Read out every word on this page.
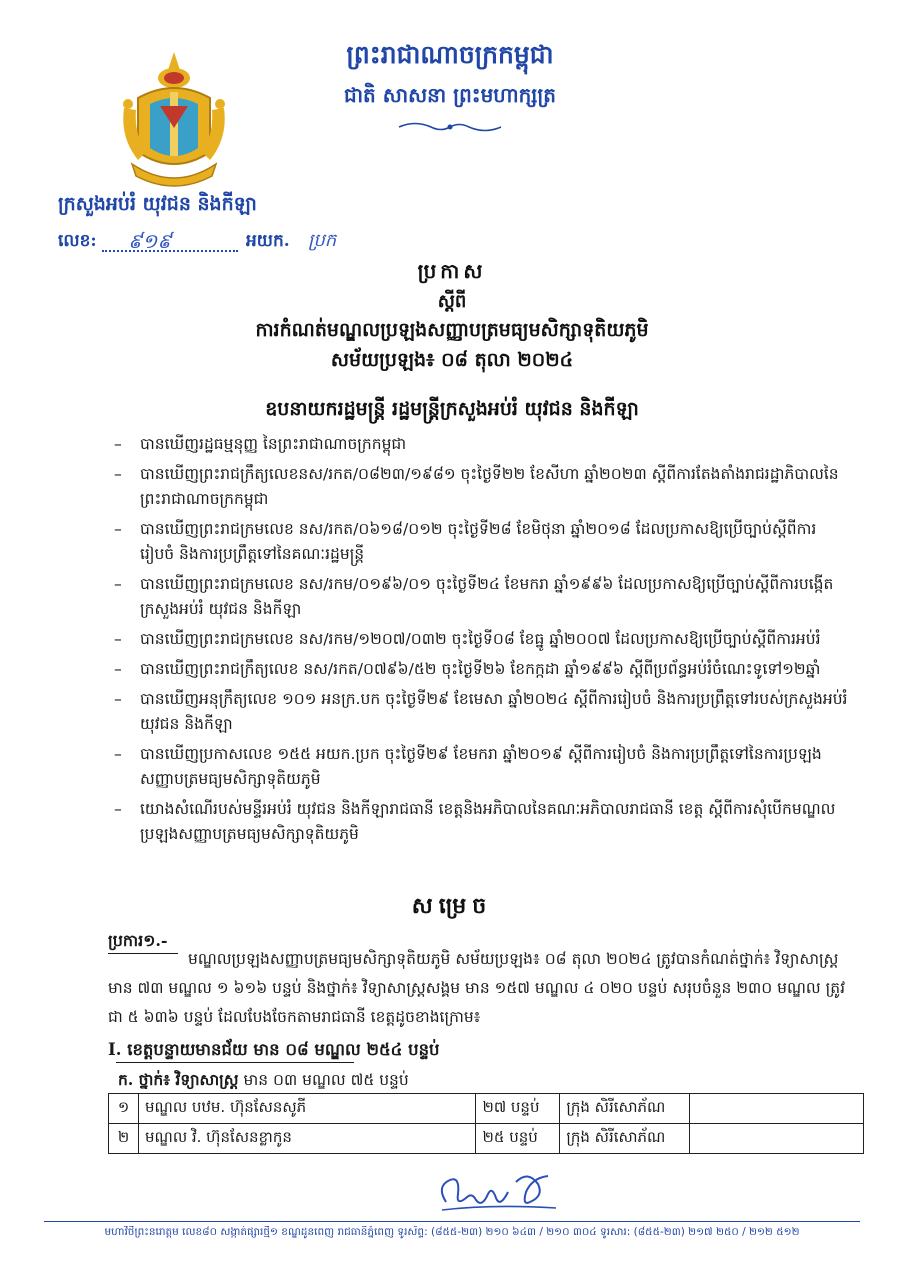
ព្រះរាជាណាចក្រកម្ពុជា
ជាតិ សាសនា ព្រះមហាក្សត្រ
ក្រសួងអប់រំ យុវជន និងកីឡា
លេខ: ៩១៩	អយក. ប្រក
ប្រកាស
ស្តីពី
ការកំណត់មណ្ឌលប្រឡងសញ្ញាបត្រមធ្យមសិក្សាទុតិយភូមិ
សម័យប្រឡង៖ ០៨ តុលា ២០២៤
ឧបនាយករដ្ឋមន្ត្រី រដ្ឋមន្ត្រីក្រសួងអប់រំ យុវជន និងកីឡា
– បានឃើញរដ្ឋធម្មនុញ្ញ នៃព្រះរាជាណាចក្រកម្ពុជា
– បានឃើញព្រះរាជក្រឹត្យលេខនស/រកត/០៨២៣/១៩៨១ ចុះថ្ងៃទី២២ ខែសីហា ឆ្នាំ២០២៣ ស្តីពីការតែងតាំងរាជរដ្ឋាភិបាលនៃព្រះរាជាណាចក្រកម្ពុជា
– បានឃើញព្រះរាជក្រមលេខ នស/រកត/០៦១៨/០១២ ចុះថ្ងៃទី២៨ ខែមិថុនា ឆ្នាំ២០១៨ ដែលប្រកាសឱ្យប្រើច្បាប់ស្តីពីការរៀបចំ និងការប្រព្រឹត្តទៅនៃគណៈរដ្ឋមន្ត្រី
– បានឃើញព្រះរាជក្រមលេខ នស/រកម/០១៩៦/០១ ចុះថ្ងៃទី២៤ ខែមករា ឆ្នាំ១៩៩៦ ដែលប្រកាសឱ្យប្រើច្បាប់ស្តីពីការបង្កើតក្រសួងអប់រំ យុវជន និងកីឡា
– បានឃើញព្រះរាជក្រមលេខ នស/រកម/១២០៧/០៣២ ចុះថ្ងៃទី០៨ ខែធ្នូ ឆ្នាំ២០០៧ ដែលប្រកាសឱ្យប្រើច្បាប់ស្តីពីការអប់រំ
– បានឃើញព្រះរាជក្រឹត្យលេខ នស/រកត/០៧៩៦/៥២ ចុះថ្ងៃទី២៦ ខែកក្កដា ឆ្នាំ១៩៩៦ ស្តីពីប្រព័ន្ធអប់រំចំណេះទូទៅ១២ឆ្នាំ
– បានឃើញអនុក្រឹត្យលេខ ១០១ អនក្រ.បក ចុះថ្ងៃទី២៩ ខែមេសា ឆ្នាំ២០២៤ ស្តីពីការរៀបចំ និងការប្រព្រឹត្តទៅរបស់ក្រសួងអប់រំ យុវជន និងកីឡា
– បានឃើញប្រកាសលេខ ១៥៥ អយក.ប្រក ចុះថ្ងៃទី២៩ ខែមករា ឆ្នាំ២០១៩ ស្តីពីការរៀបចំ និងការប្រព្រឹត្តទៅនៃការប្រឡងសញ្ញាបត្រមធ្យមសិក្សាទុតិយភូមិ
– យោងសំណើរបស់មន្ទីរអប់រំ យុវជន និងកីឡារាជធានី ខេត្តនិងអភិបាលនៃគណៈអភិបាលរាជធានី ខេត្ត ស្តីពីការសុំបើកមណ្ឌលប្រឡងសញ្ញាបត្រមធ្យមសិក្សាទុតិយភូមិ
សម្រេច
ប្រការ១.-
មណ្ឌលប្រឡងសញ្ញាបត្រមធ្យមសិក្សាទុតិយភូមិ សម័យប្រឡង៖ ០៨ តុលា ២០២៤ ត្រូវបានកំណត់ថ្នាក់៖ វិទ្យាសាស្ត្រ មាន ៧៣ មណ្ឌល ១ ៦១៦ បន្ទប់ និងថ្នាក់៖ វិទ្យាសាស្ត្រសង្គម មាន ១៥៧ មណ្ឌល ៤ ០២០ បន្ទប់ សរុបចំនួន ២៣០ មណ្ឌល ត្រូវជា ៥ ៦៣៦ បន្ទប់ ដែលបែងចែកតាមរាជធានី ខេត្តដូចខាងក្រោម៖
I. ខេត្តបន្ទាយមានជ័យ មាន ០៨ មណ្ឌល ២៥៤ បន្ទប់
ក. ថ្នាក់៖ វិទ្យាសាស្ត្រ មាន ០៣ មណ្ឌល ៧៥ បន្ទប់
១	មណ្ឌល បឋម. ហ៊ុនសែនសូភី	២៧ បន្ទប់	ក្រុង សិរីសោភ័ណ	
២	មណ្ឌល វិ. ហ៊ុនសែនខ្លាកូន	២៥ បន្ទប់	ក្រុង សិរីសោភ័ណ	
មហាវិថីព្រះនរោត្តម លេខ៨០ សង្កាត់ផ្សារថ្មី១ ខណ្ឌដូនពេញ រាជធានីភ្នំពេញ ទូរស័ព្ទ: (៨៥៥-២៣) ២១០ ៦៤៣ / ២១០ ៣០៤ ទូរសារ: (៨៥៥-២៣) ២១៧ ២៥០ / ២១២ ៥១២
